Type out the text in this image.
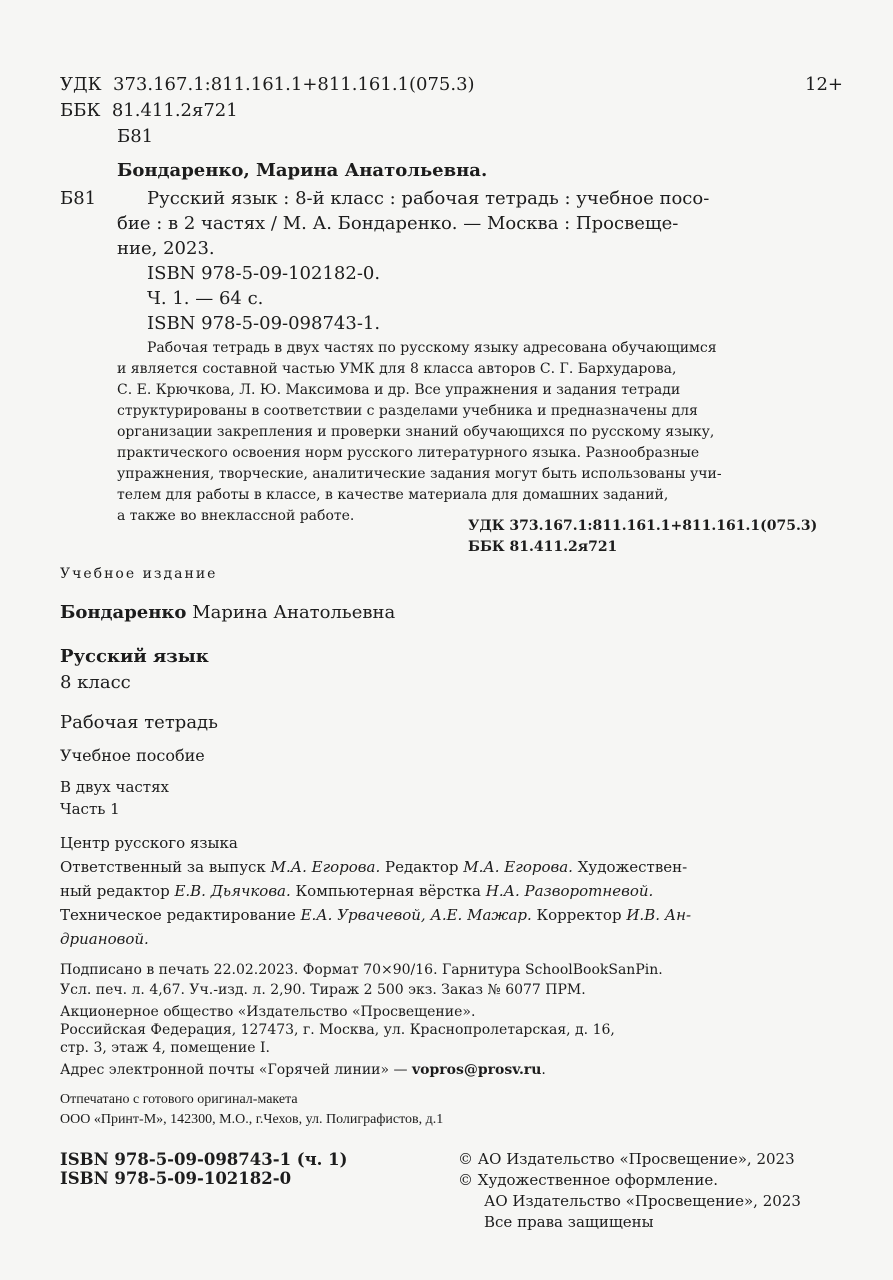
УДК 373.167.1:811.161.1+811.161.1(075.3)	12+
ББК 81.411.2я721
Б81
Бондаренко, Марина Анатольевна.
Б81	Русский язык : 8-й класс : рабочая тетрадь : учебное посо-
бие : в 2 частях / М. А. Бондаренко. — Москва : Просвеще-
ние, 2023.
ISBN 978-5-09-102182-0.
Ч. 1. — 64 с.
ISBN 978-5-09-098743-1.
Рабочая тетрадь в двух частях по русскому языку адресована обучающимся
и является составной частью УМК для 8 класса авторов С. Г. Бархударова,
С. Е. Крючкова, Л. Ю. Максимова и др. Все упражнения и задания тетради
структурированы в соответствии с разделами учебника и предназначены для
организации закрепления и проверки знаний обучающихся по русскому языку,
практического освоения норм русского литературного языка. Разнообразные
упражнения, творческие, аналитические задания могут быть использованы учи-
телем для работы в классе, в качестве материала для домашних заданий,
а также во внеклассной работе.
УДК 373.167.1:811.161.1+811.161.1(075.3)
ББК 81.411.2я721
Учебное издание
Бондаренко Марина Анатольевна
Русский язык
8 класс
Рабочая тетрадь
Учебное пособие
В двух частях
Часть 1
Центр русского языка
Ответственный за выпуск М.А. Егорова. Редактор М.А. Егорова. Художествен-
ный редактор Е.В. Дьячкова. Компьютерная вёрстка Н.А. Разворотневой.
Техническое редактирование Е.А. Урвачевой, А.Е. Мажар. Корректор И.В. Ан-
дриановой.
Подписано в печать 22.02.2023. Формат 70×90/16. Гарнитура SchoolBookSanPin.
Усл. печ. л. 4,67. Уч.-изд. л. 2,90. Тираж 2 500 экз. Заказ № 6077 ПРМ.
Акционерное общество «Издательство «Просвещение».
Российская Федерация, 127473, г. Москва, ул. Краснопролетарская, д. 16,
стр. 3, этаж 4, помещение I.
Адрес электронной почты «Горячей линии» — vopros@prosv.ru.
Отпечатано с готового оригинал-макета
ООО «Принт-М», 142300, М.О., г.Чехов, ул. Полиграфистов, д.1
ISBN 978-5-09-098743-1 (ч. 1)
ISBN 978-5-09-102182-0
© АО Издательство «Просвещение», 2023
© Художественное оформление.
АО Издательство «Просвещение», 2023
Все права защищены
